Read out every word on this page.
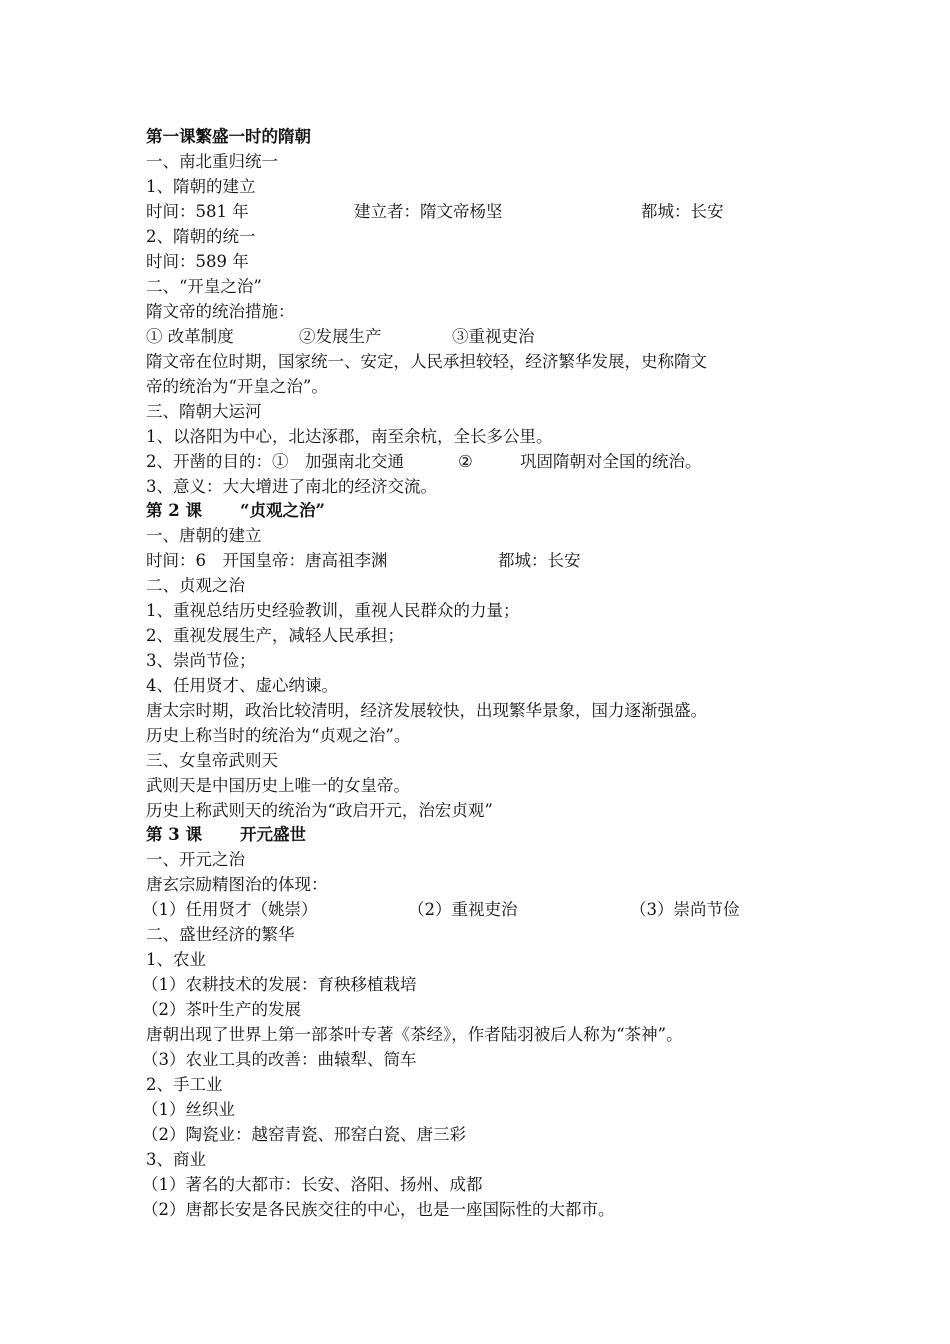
第一课繁盛一时的隋朝
一、南北重归统一
1、隋朝的建立
时间：581 年	建立者：隋文帝杨坚	都城：长安
2、隋朝的统一
时间：589 年
二、“开皇之治”
隋文帝的统治措施：
① 改革制度	②发展生产	③重视吏治
隋文帝在位时期，国家统一、安定，人民承担较轻，经济繁华发展，史称隋文
帝的统治为“开皇之治”。
三、隋朝大运河
1、以洛阳为中心，北达涿郡，南至余杭，全长多公里。
2、开凿的目的：①　加强南北交通	②	巩固隋朝对全国的统治。
3、意义：大大增进了南北的经济交流。
第 2 课 “贞观之治”
一、唐朝的建立
时间：6　开国皇帝：唐高祖李渊	都城：长安
二、贞观之治
1、重视总结历史经验教训，重视人民群众的力量；
2、重视发展生产，减轻人民承担；
3、崇尚节俭；
4、任用贤才、虚心纳谏。
唐太宗时期，政治比较清明，经济发展较快，出现繁华景象，国力逐渐强盛。
历史上称当时的统治为“贞观之治”。
三、女皇帝武则天
武则天是中国历史上唯一的女皇帝。
历史上称武则天的统治为“政启开元，治宏贞观”
第 3 课 开元盛世
一、开元之治
唐玄宗励精图治的体现：
（1）任用贤才（姚崇）	（2）重视吏治	（3）崇尚节俭
二、盛世经济的繁华
1、农业
（1）农耕技术的发展：育秧移植栽培
（2）茶叶生产的发展
唐朝出现了世界上第一部茶叶专著《茶经》，作者陆羽被后人称为“茶神”。
（3）农业工具的改善：曲辕犁、筒车
2、手工业
（1）丝织业
（2）陶瓷业：越窑青瓷、邢窑白瓷、唐三彩
3、商业
（1）著名的大都市：长安、洛阳、扬州、成都
（2）唐都长安是各民族交往的中心，也是一座国际性的大都市。
